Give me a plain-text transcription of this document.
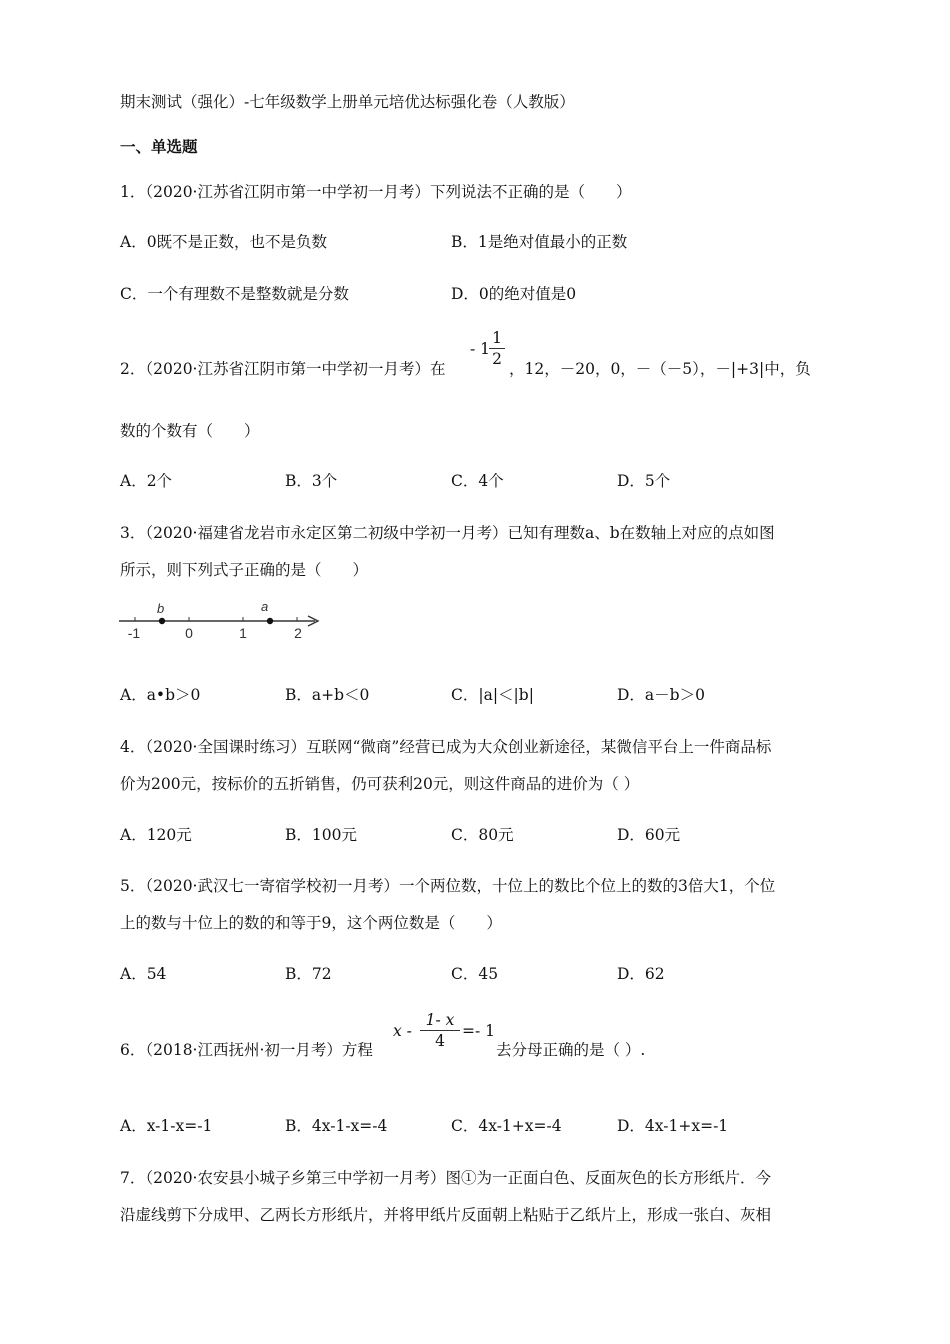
期末测试（强化）-七年级数学上册单元培优达标强化卷（人教版）
一、单选题
1．（2020·江苏省江阴市第一中学初一月考）下列说法不正确的是（　　）
A．0既不是正数，也不是负数	B．1是绝对值最小的正数
C．一个有理数不是整数就是分数	D．0的绝对值是0
2．（2020·江苏省江阴市第一中学初一月考）在
- 1
1
2
，12，－20，0，－（－5），－|+3|中，负
数的个数有（　　）
A．2个	B．3个	C．4个	D．5个
3．（2020·福建省龙岩市永定区第二初级中学初一月考）已知有理数a、b在数轴上对应的点如图
所示，则下列式子正确的是（　　）
-1	0	1	2
b	a
A．a•b＞0	B．a+b＜0	C．|a|＜|b|	D．a－b＞0
4．（2020·全国课时练习）互联网“微商”经营已成为大众创业新途径，某微信平台上一件商品标
价为200元，按标价的五折销售，仍可获利20元，则这件商品的进价为（ ）
A．120元	B．100元	C．80元	D．60元
5．（2020·武汉七一寄宿学校初一月考）一个两位数，十位上的数比个位上的数的3倍大1，个位
上的数与十位上的数的和等于9，这个两位数是（　　）
A．54	B．72	C．45	D．62
6．（2018·江西抚州·初一月考）方程
x -
1- x
4
=- 1
去分母正确的是（ ）.
A．x-1-x=-1	B．4x-1-x=-4	C．4x-1+x=-4	D．4x-1+x=-1
7．（2020·农安县小城子乡第三中学初一月考）图①为一正面白色、反面灰色的长方形纸片．今
沿虚线剪下分成甲、乙两长方形纸片，并将甲纸片反面朝上粘贴于乙纸片上，形成一张白、灰相
